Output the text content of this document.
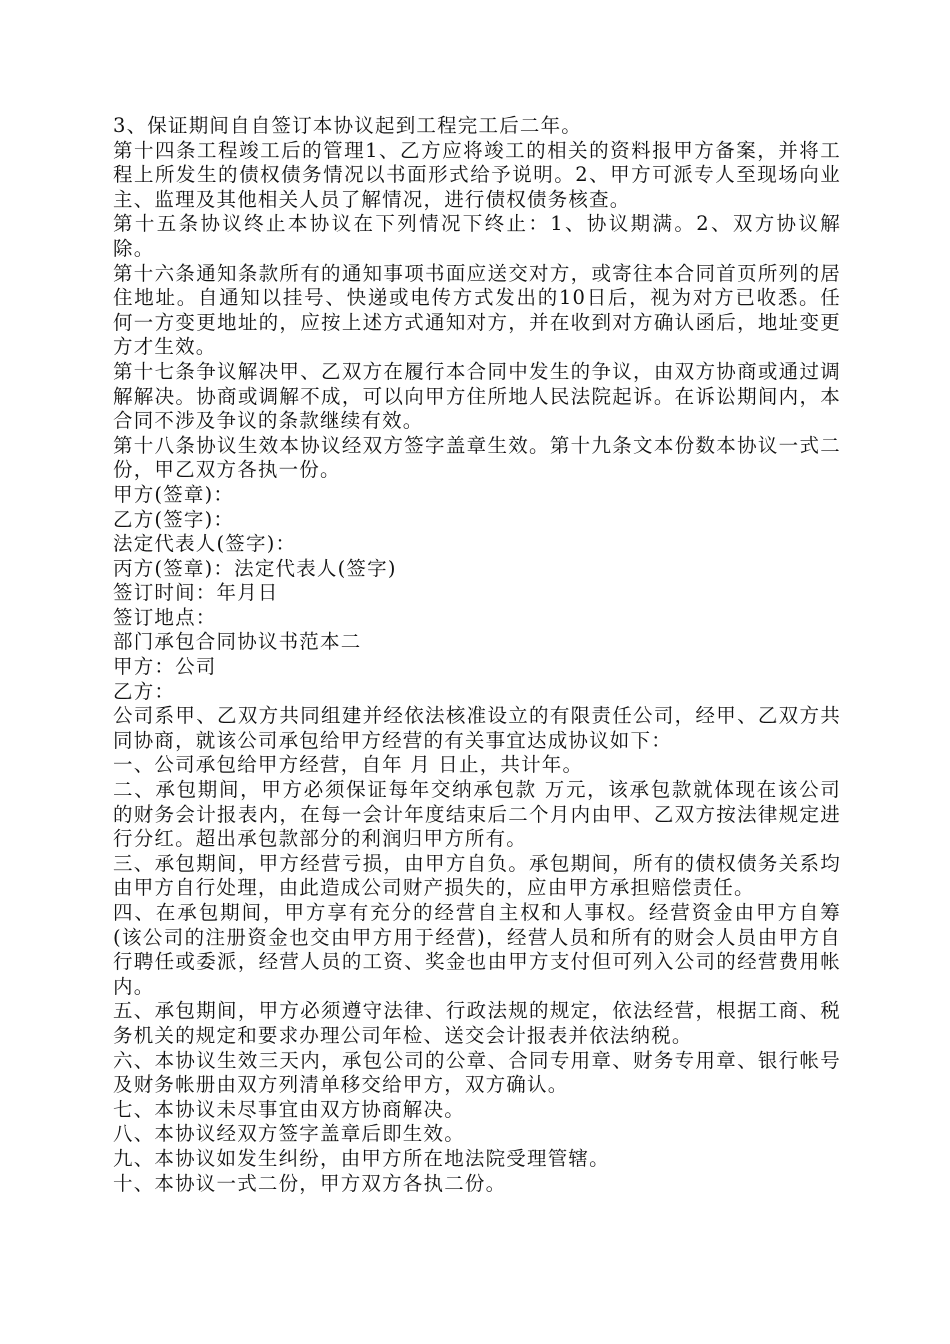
3、保证期间自自签订本协议起到工程完工后二年。

第十四条工程竣工后的管理1、乙方应将竣工的相关的资料报甲方备案，并将工程上所发生的债权债务情况以书面形式给予说明。2、甲方可派专人至现场向业主、监理及其他相关人员了解情况，进行债权债务核查。

第十五条协议终止本协议在下列情况下终止：1、协议期满。2、双方协议解除。

第十六条通知条款所有的通知事项书面应送交对方，或寄往本合同首页所列的居住地址。自通知以挂号、快递或电传方式发出的10日后，视为对方已收悉。任何一方变更地址的，应按上述方式通知对方，并在收到对方确认函后，地址变更方才生效。

第十七条争议解决甲、乙双方在履行本合同中发生的争议，由双方协商或通过调解解决。协商或调解不成，可以向甲方住所地人民法院起诉。在诉讼期间内，本合同不涉及争议的条款继续有效。

第十八条协议生效本协议经双方签字盖章生效。第十九条文本份数本协议一式二份，甲乙双方各执一份。

甲方(签章)：

乙方(签字)：

法定代表人(签字)：

丙方(签章)：法定代表人(签字)

签订时间：年月日

签订地点：

部门承包合同协议书范本二

甲方：公司

乙方：

公司系甲、乙双方共同组建并经依法核准设立的有限责任公司，经甲、乙双方共同协商，就该公司承包给甲方经营的有关事宜达成协议如下：

一、公司承包给甲方经营，自年 月 日止，共计年。

二、承包期间，甲方必须保证每年交纳承包款 万元，该承包款就体现在该公司的财务会计报表内，在每一会计年度结束后二个月内由甲、乙双方按法律规定进行分红。超出承包款部分的利润归甲方所有。

三、承包期间，甲方经营亏损，由甲方自负。承包期间，所有的债权债务关系均由甲方自行处理，由此造成公司财产损失的，应由甲方承担赔偿责任。

四、在承包期间，甲方享有充分的经营自主权和人事权。经营资金由甲方自筹(该公司的注册资金也交由甲方用于经营)，经营人员和所有的财会人员由甲方自行聘任或委派，经营人员的工资、奖金也由甲方支付但可列入公司的经营费用帐内。

五、承包期间，甲方必须遵守法律、行政法规的规定，依法经营，根据工商、税务机关的规定和要求办理公司年检、送交会计报表并依法纳税。

六、本协议生效三天内，承包公司的公章、合同专用章、财务专用章、银行帐号及财务帐册由双方列清单移交给甲方，双方确认。

七、本协议未尽事宜由双方协商解决。

八、本协议经双方签字盖章后即生效。

九、本协议如发生纠纷，由甲方所在地法院受理管辖。

十、本协议一式二份，甲方双方各执二份。
